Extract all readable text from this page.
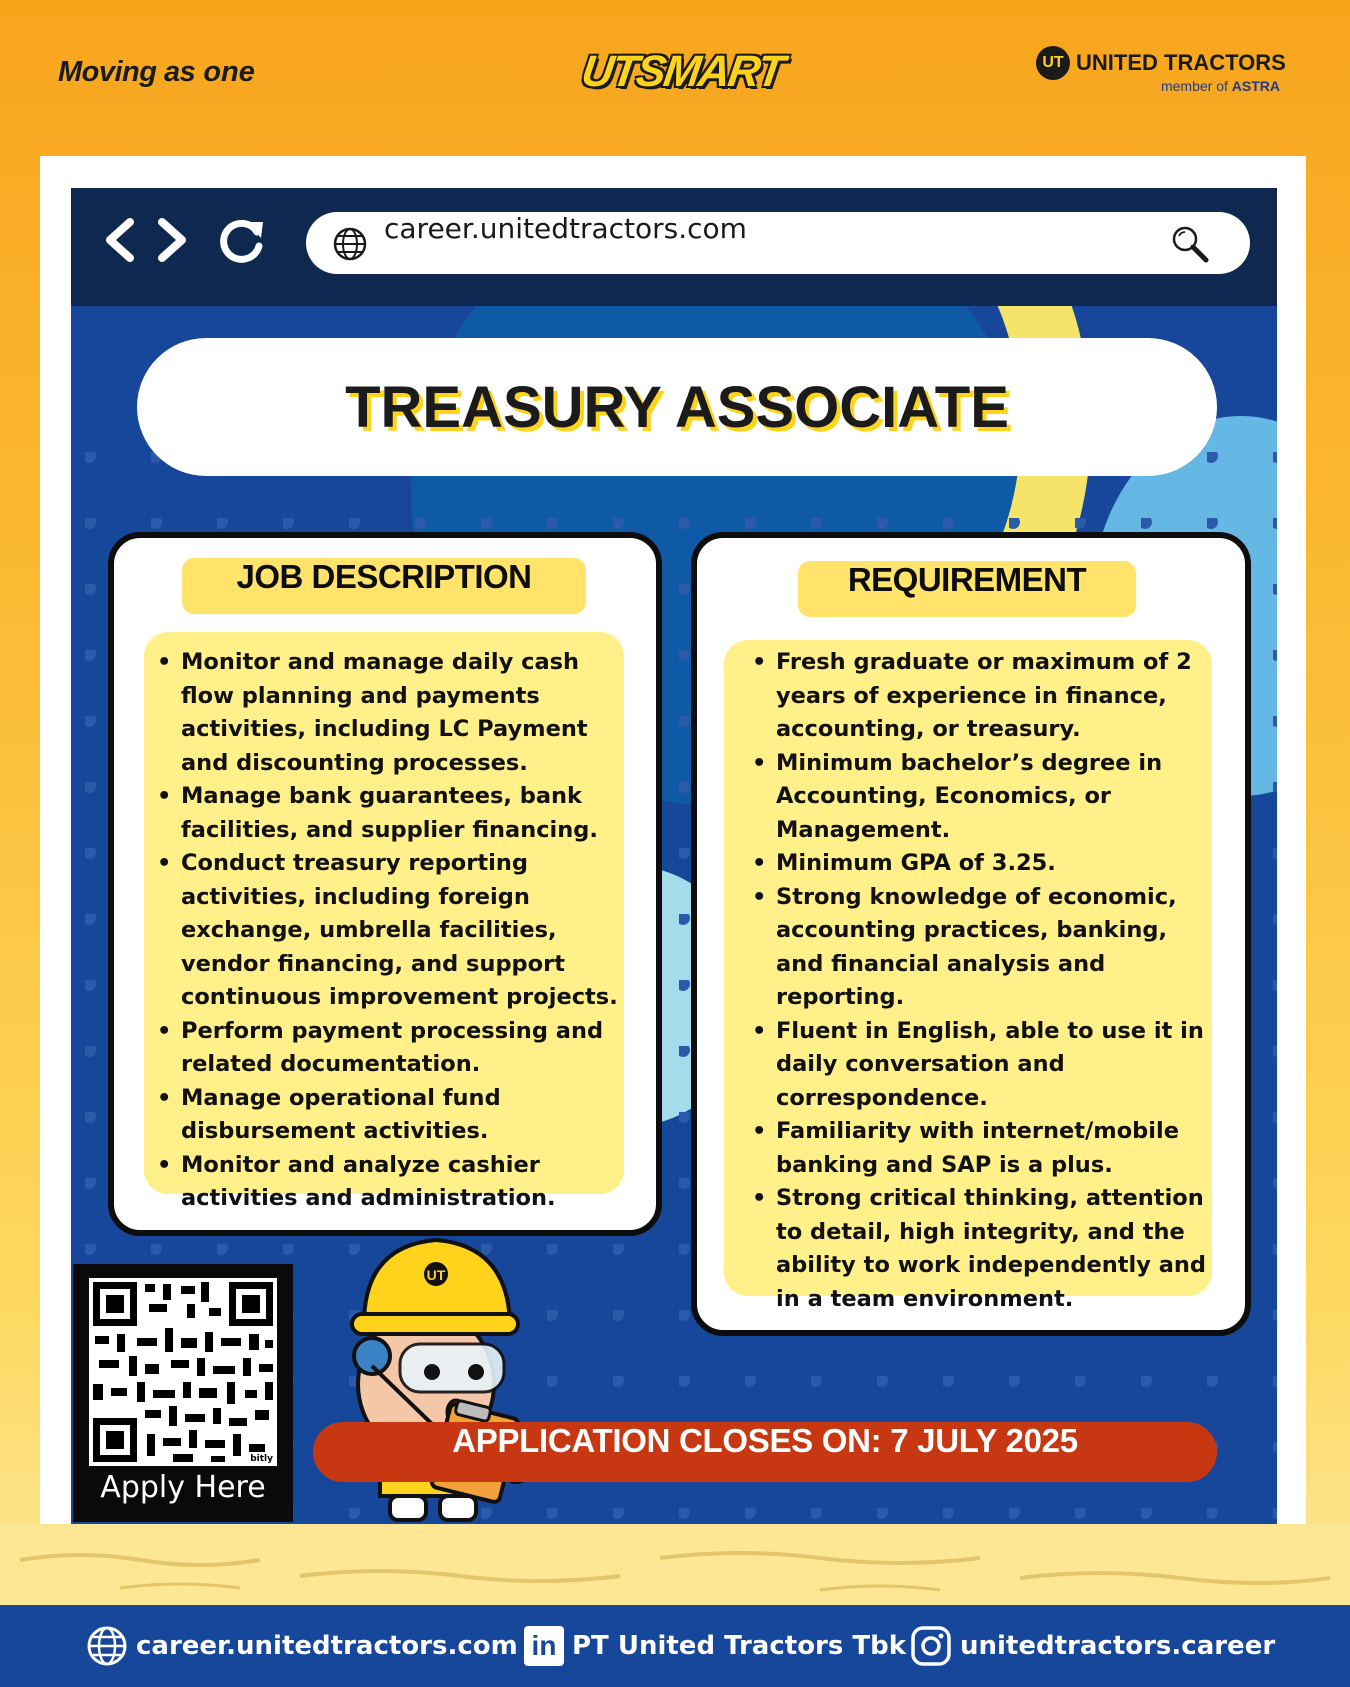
Moving as one	UTSMART	UT UNITED TRACTORS
member of ASTRA
career.unitedtractors.com
TREASURY ASSOCIATE
JOB DESCRIPTION
• Monitor and manage daily cash flow planning and payments activities, including LC Payment and discounting processes.
• Manage bank guarantees, bank facilities, and supplier financing.
• Conduct treasury reporting activities, including foreign exchange, umbrella facilities, vendor financing, and support continuous improvement projects.
• Perform payment processing and related documentation.
• Manage operational fund disbursement activities.
• Monitor and analyze cashier activities and administration.
REQUIREMENT
• Fresh graduate or maximum of 2 years of experience in finance, accounting, or treasury.
• Minimum bachelor’s degree in Accounting, Economics, or Management.
• Minimum GPA of 3.25.
• Strong knowledge of economic, accounting practices, banking, and financial analysis and reporting.
• Fluent in English, able to use it in daily conversation and correspondence.
• Familiarity with internet/mobile banking and SAP is a plus.
• Strong critical thinking, attention to detail, high integrity, and the ability to work independently and in a team environment.
bitly
Apply Here
UT
APPLICATION CLOSES ON: 7 JULY 2025
career.unitedtractors.com in PT United Tractors Tbk unitedtractors.career
